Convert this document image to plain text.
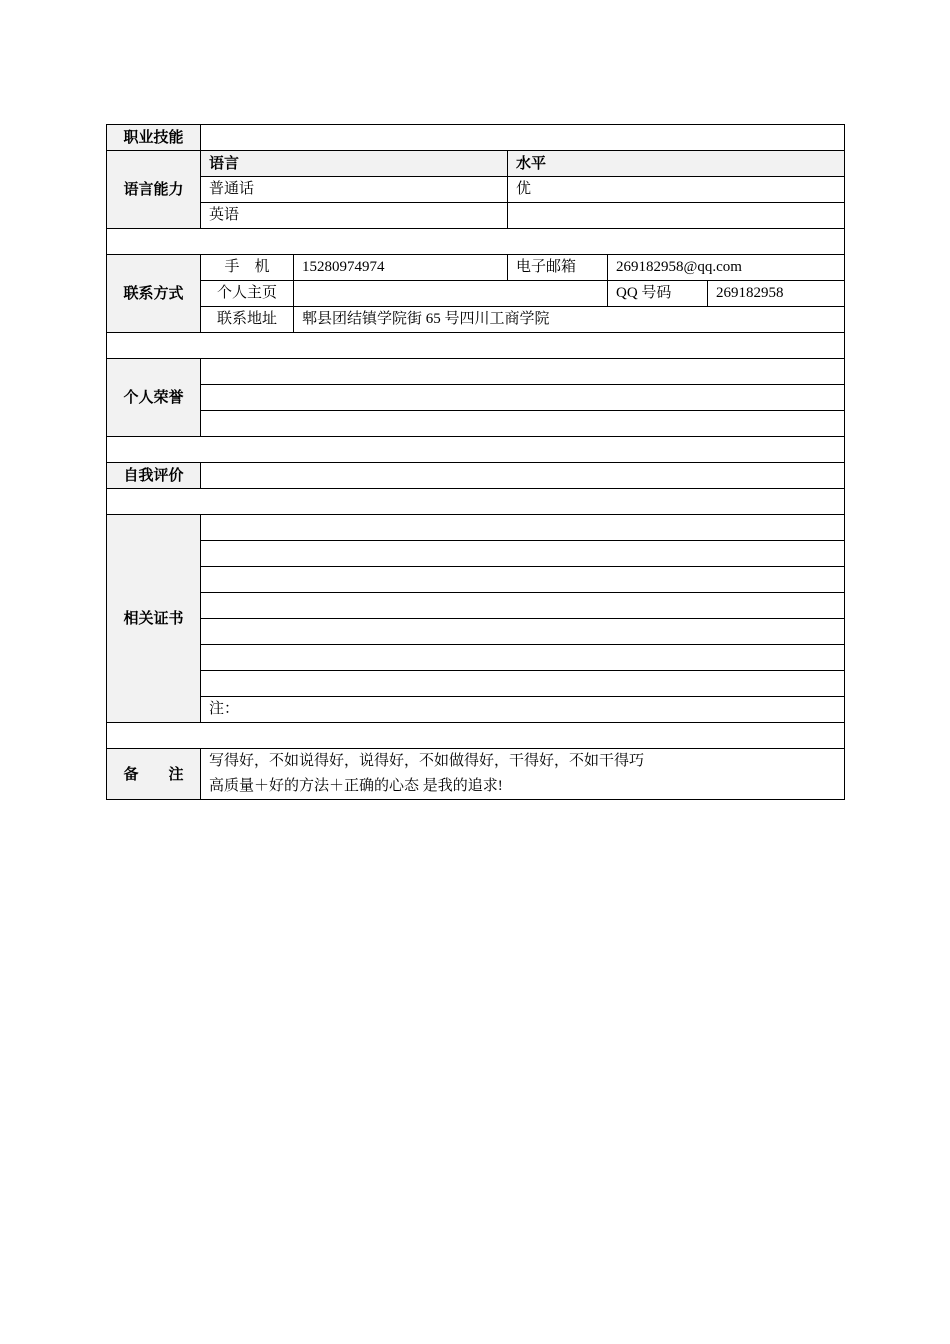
职业技能					
语言能力	语言		水平		
	普通话		优		
	英语				

联系方式	手　机	15280974974	电子邮箱	269182958@qq.com	
	个人主页			QQ 号码	269182958
	联系地址	郫县团结镇学院街 65 号四川工商学院			

个人荣誉					

自我评价					

相关证书					

	注：				

备 注	写得好，不如说得好，说得好，不如做得好，干得好，不如干得巧
高质量＋好的方法＋正确的心态 是我的追求!				
